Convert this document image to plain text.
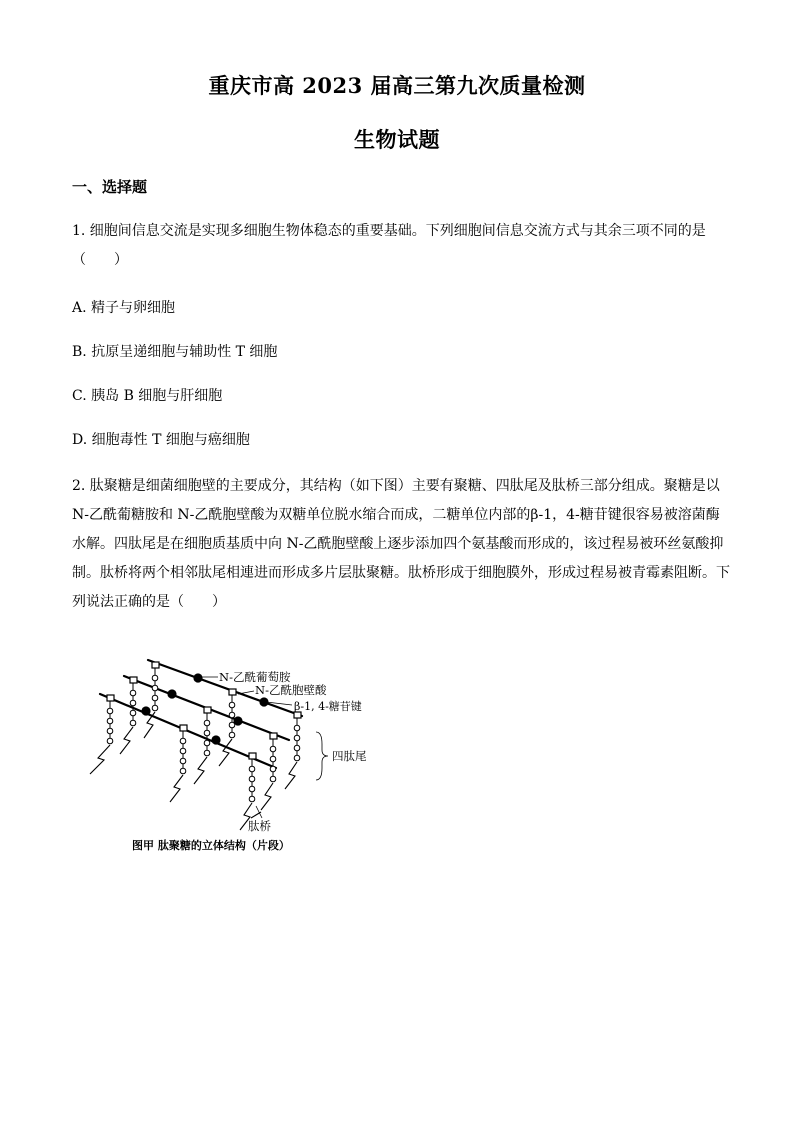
重庆市高 2023 届高三第九次质量检测
生物试题
一、选择题
1. 细胞间信息交流是实现多细胞生物体稳态的重要基础。下列细胞间信息交流方式与其余三项不同的是（　　）
A. 精子与卵细胞
B. 抗原呈递细胞与辅助性 T 细胞
C. 胰岛 B 细胞与肝细胞
D. 细胞毒性 T 细胞与癌细胞
2. 肽聚糖是细菌细胞壁的主要成分，其结构（如下图）主要有聚糖、四肽尾及肽桥三部分组成。聚糖是以 N-乙酰葡糖胺和 N-乙酰胞壁酸为双糖单位脱水缩合而成，二糖单位内部的β-1，4-糖苷键很容易被溶菌酶水解。四肽尾是在细胞质基质中向 N-乙酰胞壁酸上逐步添加四个氨基酸而形成的，该过程易被环丝氨酸抑制。肽桥将两个相邻肽尾相連进而形成多片层肽聚糖。肽桥形成于细胞膜外，形成过程易被青霉素阻断。下列说法正确的是（　　）
N-乙酰葡萄胺
N-乙酰胞壁酸
β-1, 4-糖苷键
四肽尾
肽桥
图甲 肽聚糖的立体结构（片段）
